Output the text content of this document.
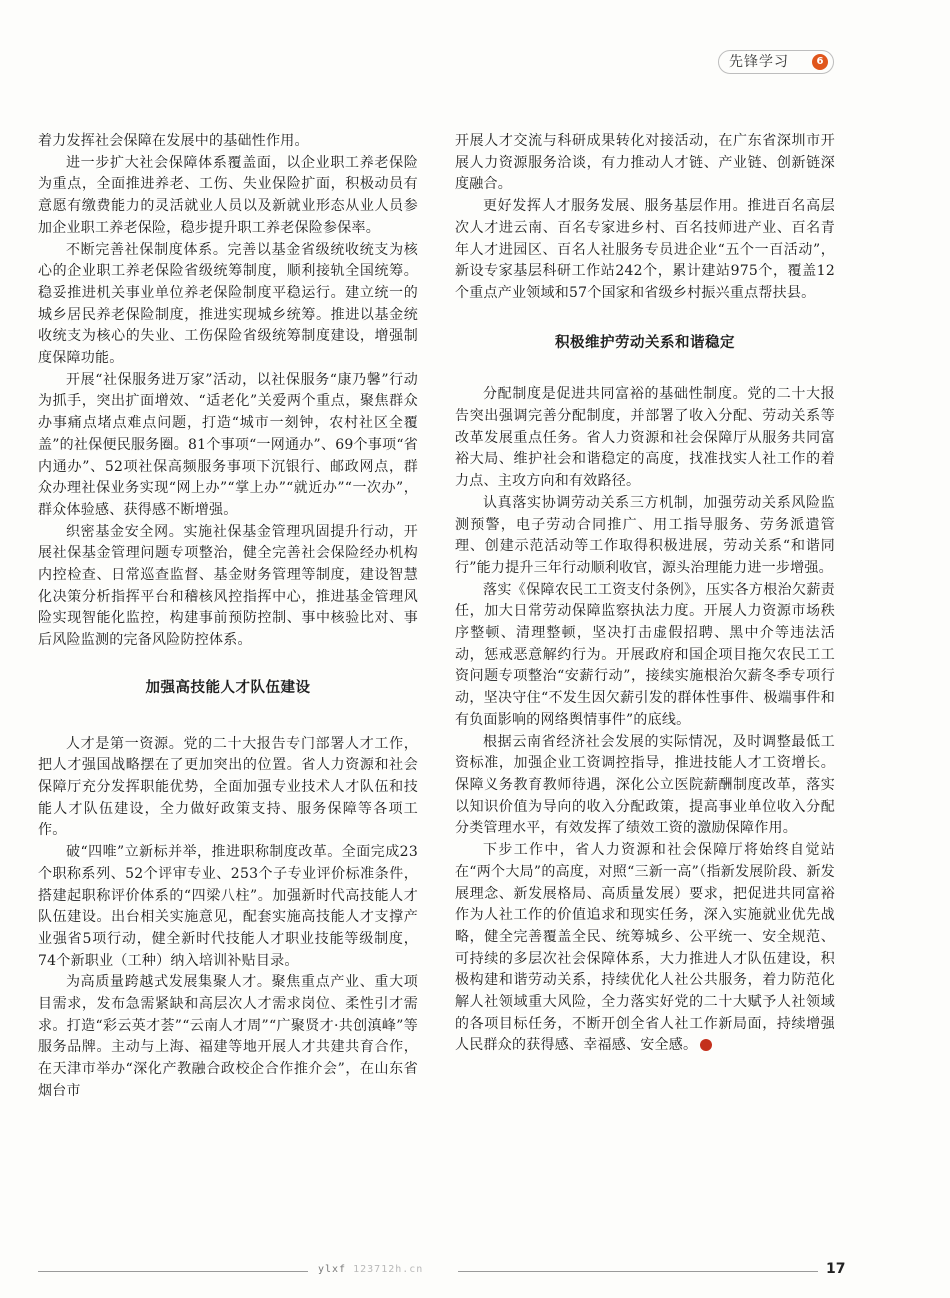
先锋学习	6

着力发挥社会保障在发展中的基础性作用。

进一步扩大社会保障体系覆盖面，以企业职工养老保险为重点，全面推进养老、工伤、失业保险扩面，积极动员有意愿有缴费能力的灵活就业人员以及新就业形态从业人员参加企业职工养老保险，稳步提升职工养老保险参保率。

不断完善社保制度体系。完善以基金省级统收统支为核心的企业职工养老保险省级统筹制度，顺利接轨全国统筹。稳妥推进机关事业单位养老保险制度平稳运行。建立统一的城乡居民养老保险制度，推进实现城乡统筹。推进以基金统收统支为核心的失业、工伤保险省级统筹制度建设，增强制度保障功能。

开展“社保服务进万家”活动，以社保服务“康乃馨”行动为抓手，突出扩面增效、“适老化”关爱两个重点，聚焦群众办事痛点堵点难点问题，打造“城市一刻钟，农村社区全覆盖”的社保便民服务圈。81个事项“一网通办”、69个事项“省内通办”、52项社保高频服务事项下沉银行、邮政网点，群众办理社保业务实现“网上办”“掌上办”“就近办”“一次办”，群众体验感、获得感不断增强。

织密基金安全网。实施社保基金管理巩固提升行动，开展社保基金管理问题专项整治，健全完善社会保险经办机构内控检查、日常巡查监督、基金财务管理等制度，建设智慧化决策分析指挥平台和稽核风控指挥中心，推进基金管理风险实现智能化监控，构建事前预防控制、事中核验比对、事后风险监测的完备风险防控体系。

加强高技能人才队伍建设

人才是第一资源。党的二十大报告专门部署人才工作，把人才强国战略摆在了更加突出的位置。省人力资源和社会保障厅充分发挥职能优势，全面加强专业技术人才队伍和技能人才队伍建设，全力做好政策支持、服务保障等各项工作。

破“四唯”立新标并举，推进职称制度改革。全面完成23个职称系列、52个评审专业、253个子专业评价标准条件，搭建起职称评价体系的“四梁八柱”。加强新时代高技能人才队伍建设。出台相关实施意见，配套实施高技能人才支撑产业强省5项行动，健全新时代技能人才职业技能等级制度，74个新职业（工种）纳入培训补贴目录。

为高质量跨越式发展集聚人才。聚焦重点产业、重大项目需求，发布急需紧缺和高层次人才需求岗位、柔性引才需求。打造“彩云英才荟”“云南人才周”“广聚贤才·共创滇峰”等服务品牌。主动与上海、福建等地开展人才共建共育合作，在天津市举办“深化产教融合政校企合作推介会”，在山东省烟台市

开展人才交流与科研成果转化对接活动，在广东省深圳市开展人力资源服务洽谈，有力推动人才链、产业链、创新链深度融合。

更好发挥人才服务发展、服务基层作用。推进百名高层次人才进云南、百名专家进乡村、百名技师进产业、百名青年人才进园区、百名人社服务专员进企业“五个一百活动”，新设专家基层科研工作站242个，累计建站975个，覆盖12个重点产业领域和57个国家和省级乡村振兴重点帮扶县。

积极维护劳动关系和谐稳定

分配制度是促进共同富裕的基础性制度。党的二十大报告突出强调完善分配制度，并部署了收入分配、劳动关系等改革发展重点任务。省人力资源和社会保障厅从服务共同富裕大局、维护社会和谐稳定的高度，找准找实人社工作的着力点、主攻方向和有效路径。

认真落实协调劳动关系三方机制，加强劳动关系风险监测预警，电子劳动合同推广、用工指导服务、劳务派遣管理、创建示范活动等工作取得积极进展，劳动关系“和谐同行”能力提升三年行动顺利收官，源头治理能力进一步增强。

落实《保障农民工工资支付条例》，压实各方根治欠薪责任，加大日常劳动保障监察执法力度。开展人力资源市场秩序整顿、清理整顿，坚决打击虚假招聘、黑中介等违法活动，惩戒恶意解约行为。开展政府和国企项目拖欠农民工工资问题专项整治“安薪行动”，接续实施根治欠薪冬季专项行动，坚决守住“不发生因欠薪引发的群体性事件、极端事件和有负面影响的网络舆情事件”的底线。

根据云南省经济社会发展的实际情况，及时调整最低工资标准，加强企业工资调控指导，推进技能人才工资增长。保障义务教育教师待遇，深化公立医院薪酬制度改革，落实以知识价值为导向的收入分配政策，提高事业单位收入分配分类管理水平，有效发挥了绩效工资的激励保障作用。

下步工作中，省人力资源和社会保障厅将始终自觉站在“两个大局”的高度，对照“三新一高”（指新发展阶段、新发展理念、新发展格局、高质量发展）要求，把促进共同富裕作为人社工作的价值追求和现实任务，深入实施就业优先战略，健全完善覆盖全民、统筹城乡、公平统一、安全规范、可持续的多层次社会保障体系，大力推进人才队伍建设，积极构建和谐劳动关系，持续优化人社公共服务，着力防范化解人社领域重大风险，全力落实好党的二十大赋予人社领域的各项目标任务，不断开创全省人社工作新局面，持续增强人民群众的获得感、幸福感、安全感。

ylxf 123712h.cn	17
